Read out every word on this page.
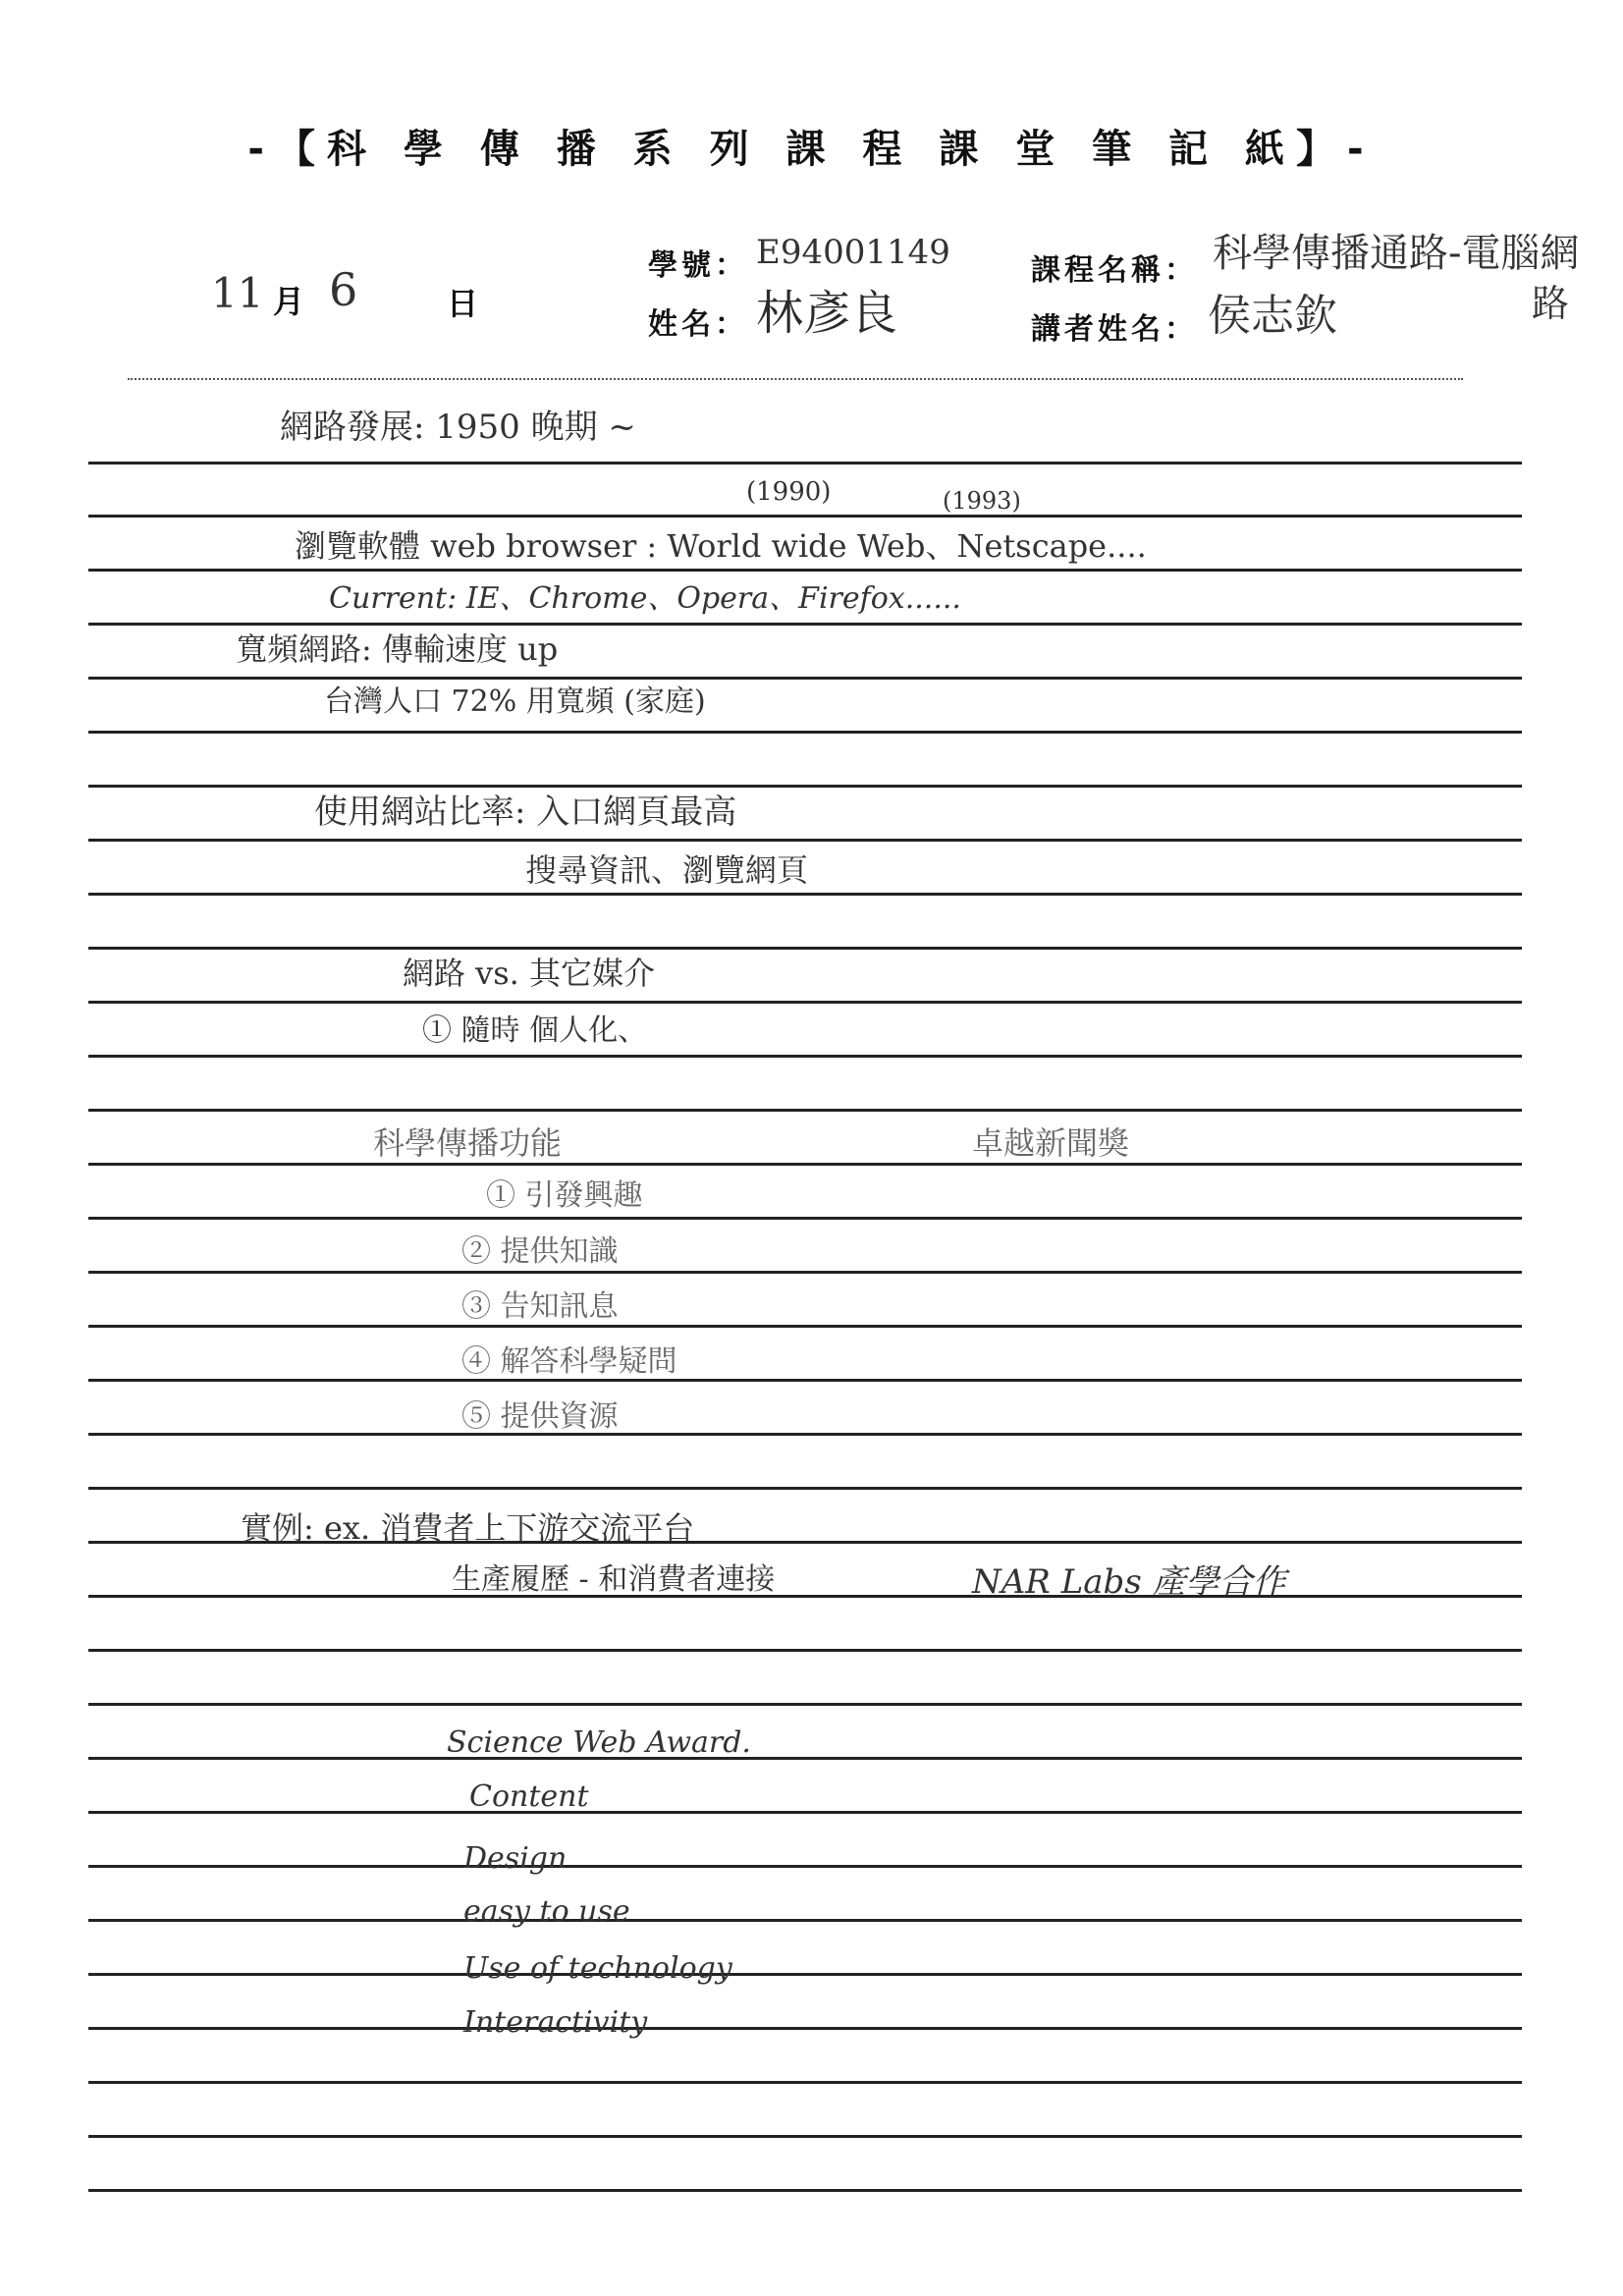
-【科 學 傳 播 系 列 課 程 課 堂 筆 記 紙】-
11 月 6	日
學號： E94001149
姓名： 林彥良
課程名稱： 科學傳播通路-電腦網
路
講者姓名： 侯志欽
網路發展: 1950 晚期 ~
(1990)	(1993)
瀏覽軟體 web browser : World wide Web、Netscape....
Current: IE、Chrome、Opera、Firefox......
寬頻網路: 傳輸速度 up
台灣人口 72% 用寬頻 (家庭)
使用網站比率: 入口網頁最高
搜尋資訊、瀏覽網頁
網路 vs. 其它媒介
① 隨時 個人化、
科學傳播功能	卓越新聞獎
① 引發興趣
② 提供知識
③ 告知訊息
④ 解答科學疑問
⑤ 提供資源
實例: ex. 消費者上下游交流平台
生產履歷 - 和消費者連接	NAR Labs 產學合作
Science Web Award.
Content
Design
easy to use
Use of technology
Interactivity
